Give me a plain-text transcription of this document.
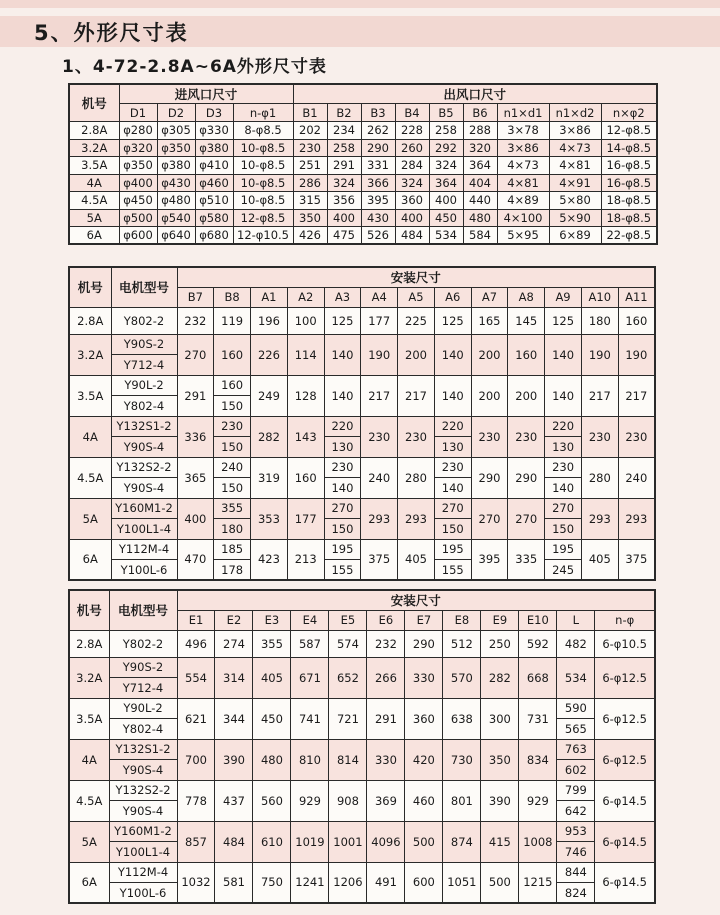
5、外形尺寸表
1、4-72-2.8A~6A外形尺寸表
机号	进风口尺寸				出风口尺寸								
	D1	D2	D3	n-φ1	B1	B2	B3	B4	B5	B6	n1×d1	n1×d2	n×φ2
2.8A	φ280	φ305	φ330	8-φ8.5	202	234	262	228	258	288	3×78	3×86	12-φ8.5
3.2A	φ320	φ350	φ380	10-φ8.5	230	258	290	260	292	320	3×86	4×73	14-φ8.5
3.5A	φ350	φ380	φ410	10-φ8.5	251	291	331	284	324	364	4×73	4×81	16-φ8.5
4A	φ400	φ430	φ460	10-φ8.5	286	324	366	324	364	404	4×81	4×91	16-φ8.5
4.5A	φ450	φ480	φ510	10-φ8.5	315	356	395	360	400	440	4×89	5×80	18-φ8.5
5A	φ500	φ540	φ580	12-φ8.5	350	400	430	400	450	480	4×100	5×90	18-φ8.5
6A	φ600	φ640	φ680	12-φ10.5	426	475	526	484	534	584	5×95	6×89	22-φ8.5
机号	电机型号	安装尺寸												
		B7	B8	A1	A2	A3	A4	A5	A6	A7	A8	A9	A10	A11
2.8A	Y802-2	232	119	196	100	125	177	225	125	165	145	125	180	160
3.2A	Y90S-2	270	160	226	114	140	190	200	140	200	160	140	190	190
	Y712-4													
3.5A	Y90L-2	291	160	249	128	140	217	217	140	200	200	140	217	217
	Y802-4		150											
4A	Y132S1-2	336	230	282	143	220	230	230	220	230	230	220	230	230
	Y90S-4		150			130			130			130		
4.5A	Y132S2-2	365	240	319	160	230	240	280	230	290	290	230	280	240
	Y90S-4		150			140			140			140		
5A	Y160M1-2	400	355	353	177	270	293	293	270	270	270	270	293	293
	Y100L1-4		180			150			150			150		
6A	Y112M-4	470	185	423	213	195	375	405	195	395	335	195	405	375
	Y100L-6		178			155			155			245		
机号	电机型号	安装尺寸											
		E1	E2	E3	E4	E5	E6	E7	E8	E9	E10	L	n-φ
2.8A	Y802-2	496	274	355	587	574	232	290	512	250	592	482	6-φ10.5
3.2A	Y90S-2	554	314	405	671	652	266	330	570	282	668	534	6-φ12.5
	Y712-4												
3.5A	Y90L-2	621	344	450	741	721	291	360	638	300	731	590	6-φ12.5
	Y802-4											565	
4A	Y132S1-2	700	390	480	810	814	330	420	730	350	834	763	6-φ12.5
	Y90S-4											602	
4.5A	Y132S2-2	778	437	560	929	908	369	460	801	390	929	799	6-φ14.5
	Y90S-4											642	
5A	Y160M1-2	857	484	610	1019	1001	4096	500	874	415	1008	953	6-φ14.5
	Y100L1-4											746	
6A	Y112M-4	1032	581	750	1241	1206	491	600	1051	500	1215	844	6-φ14.5
	Y100L-6											824	
